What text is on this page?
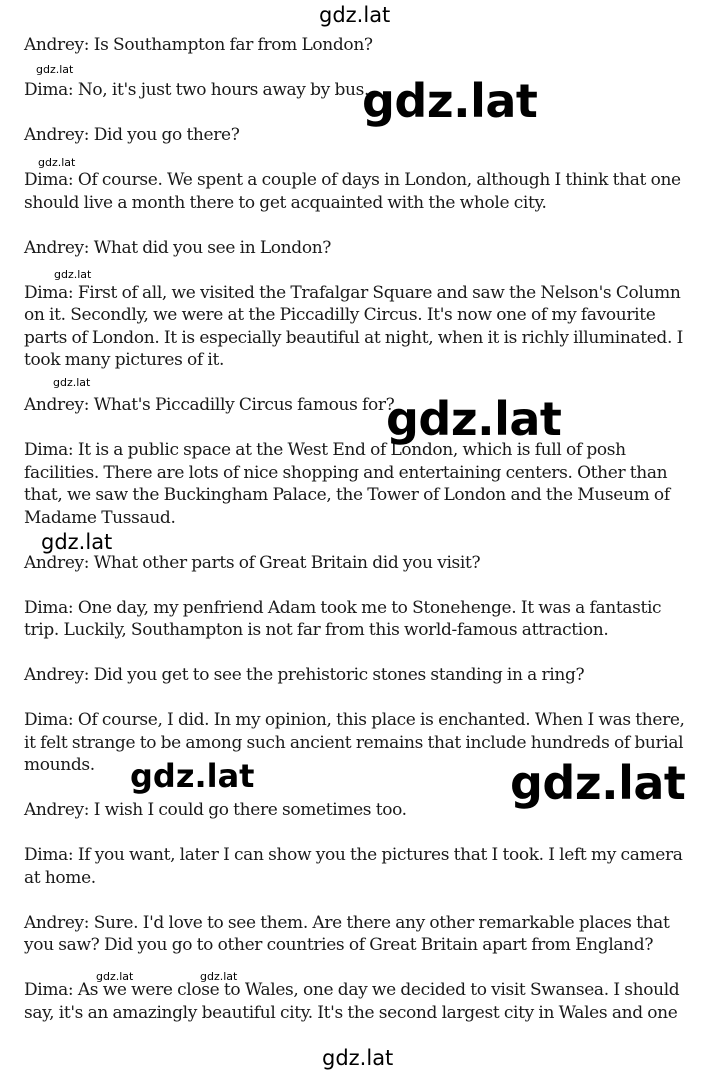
gdz.lat

Andrey: Is Southampton far from London?

Dima: No, it's just two hours away by bus.

Andrey: Did you go there?

Dima: Of course. We spent a couple of days in London, although I think that one should live a month there to get acquainted with the whole city.

Andrey: What did you see in London?

Dima: First of all, we visited the Trafalgar Square and saw the Nelson's Column on it. Secondly, we were at the Piccadilly Circus. It's now one of my favourite parts of London. It is especially beautiful at night, when it is richly illuminated. I took many pictures of it.

Andrey: What's Piccadilly Circus famous for?

Dima: It is a public space at the West End of London, which is full of posh facilities. There are lots of nice shopping and entertaining centers. Other than that, we saw the Buckingham Palace, the Tower of London and the Museum of Madame Tussaud.

Andrey: What other parts of Great Britain did you visit?

Dima: One day, my penfriend Adam took me to Stonehenge. It was a fantastic trip. Luckily, Southampton is not far from this world-famous attraction.

Andrey: Did you get to see the prehistoric stones standing in a ring?

Dima: Of course, I did. In my opinion, this place is enchanted. When I was there, it felt strange to be among such ancient remains that include hundreds of burial mounds.

Andrey: I wish I could go there sometimes too.

Dima: If you want, later I can show you the pictures that I took. I left my camera at home.

Andrey: Sure. I'd love to see them. Are there any other remarkable places that you saw? Did you go to other countries of Great Britain apart from England?

Dima: As we were close to Wales, one day we decided to visit Swansea. I should say, it's an amazingly beautiful city. It's the second largest city in Wales and one

gdz.lat
gdz.lat
gdz.lat
gdz.lat
gdz.lat
gdz.lat
gdz.lat
gdz.lat	gdz.lat
gdz.lat	gdz.lat
gdz.lat
